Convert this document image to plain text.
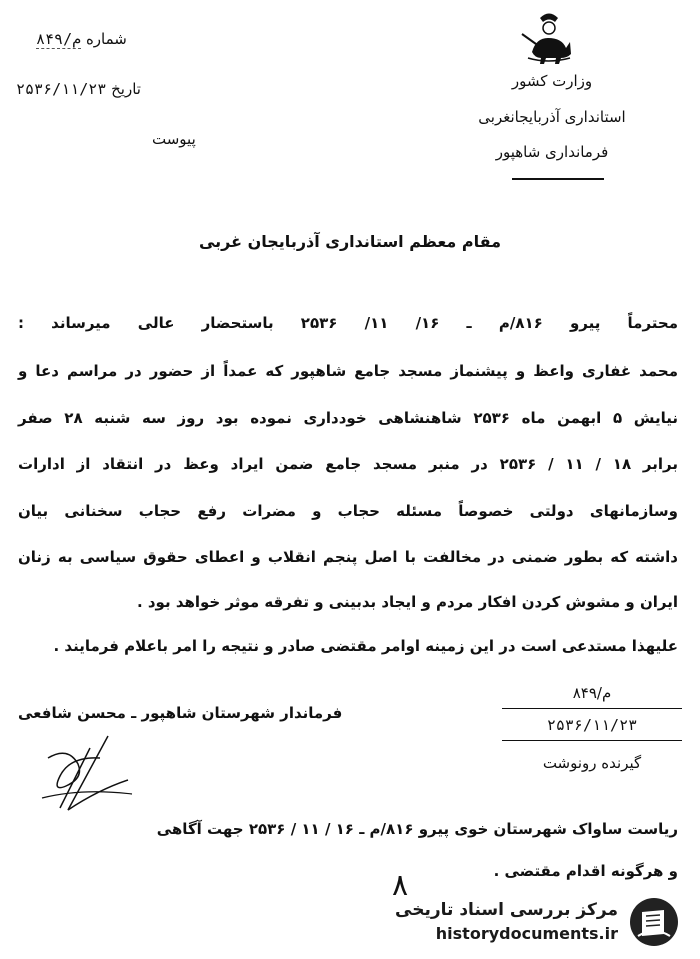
وزارت کشور
استانداری آذربایجانغربی
فرمانداری شاهپور
شماره م/۸۴۹
تاریخ ۲۵۳۶/۱۱/۲۳
پیوست
مقام معظم استانداری آذربایجان غربی
محترماً پیرو ۸۱۶/م ـ ۱۶/ ۱۱/ ۲۵۳۶ باستحضار عالی میرساند :
محمد غفاری واعظ و پیشنماز مسجد جامع شاهپور که عمداً از حضور در مراسم دعا و
نیایش ۵ ابهمن ماه ۲۵۳۶ شاهنشاهی خودداری نموده بود روز سه شنبه ۲۸ صفر
برابر ۱۸ / ۱۱ / ۲۵۳۶ در منبر مسجد جامع ضمن ایراد وعظ در انتقاد از ادارات
وسازمانهای دولتی خصوصاً مسئله حجاب و مضرات رفع حجاب سخنانی بیان
داشته که بطور ضمنی در مخالفت با اصل پنجم انقلاب و اعطای حقوق سیاسی به زنان
ایران و مشوش کردن افکار مردم و ایجاد بدبینی و تفرقه موثر خواهد بود .
علیهذا مستدعی است در این زمینه اوامر مقتضی صادر و نتیجه را امر باعلام فرمایند .
فرماندار شهرستان شاهپور ـ محسن شافعی
م/۸۴۹
۲۵۳۶/۱۱/۲۳
گیرنده رونوشت
ریاست ساواک شهرستان خوی پیرو ۸۱۶/م ـ ۱۶ / ۱۱ / ۲۵۳۶ جهت آگاهی
و هرگونه اقدام مقتضی .
۸
مرکز بررسی اسناد تاریخی
historydocuments.ir
